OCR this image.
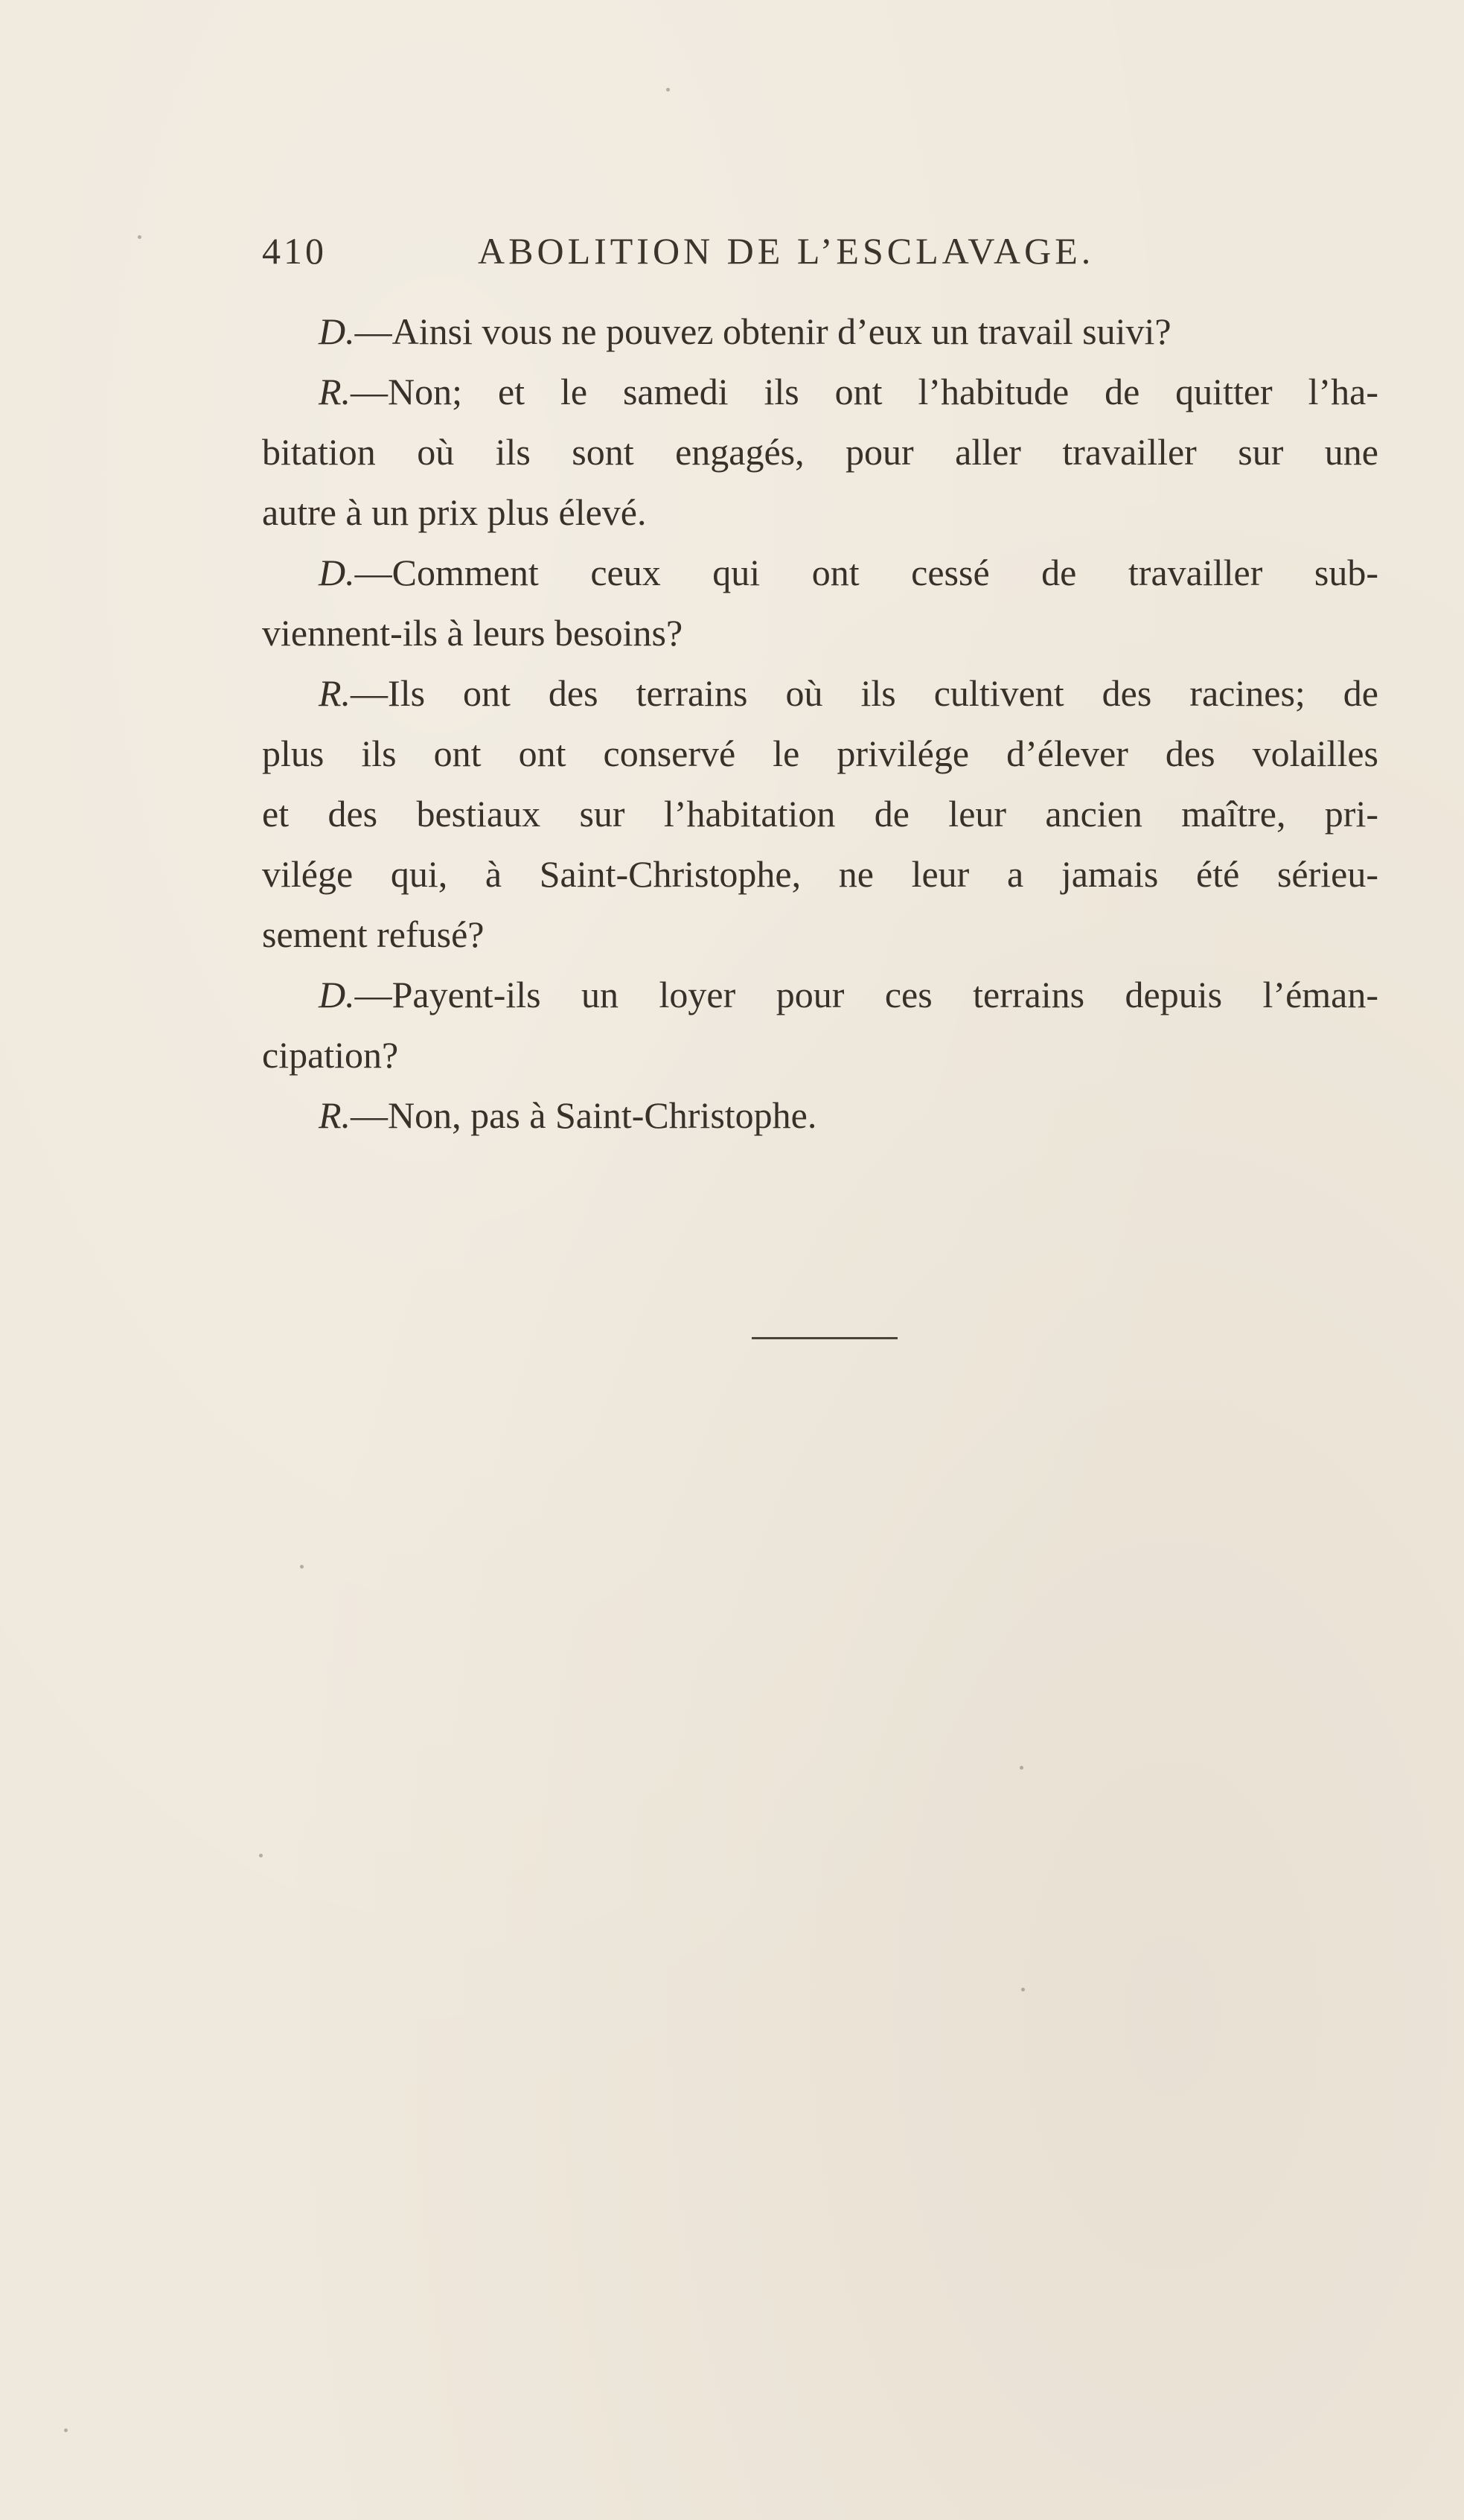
410	ABOLITION DE L’ESCLAVAGE.

D.—Ainsi vous ne pouvez obtenir d’eux un travail suivi?

R.—Non; et le samedi ils ont l’habitude de quitter l’ha-
bitation où ils sont engagés, pour aller travailler sur une
autre à un prix plus élevé.

D.—Comment ceux qui ont cessé de travailler sub-
viennent-ils à leurs besoins?

R.—Ils ont des terrains où ils cultivent des racines; de
plus ils ont ont conservé le privilége d’élever des volailles
et des bestiaux sur l’habitation de leur ancien maître, pri-
vilége qui, à Saint-Christophe, ne leur a jamais été sérieu-
sement refusé?

D.—Payent-ils un loyer pour ces terrains depuis l’éman-
cipation?

R.—Non, pas à Saint-Christophe.
